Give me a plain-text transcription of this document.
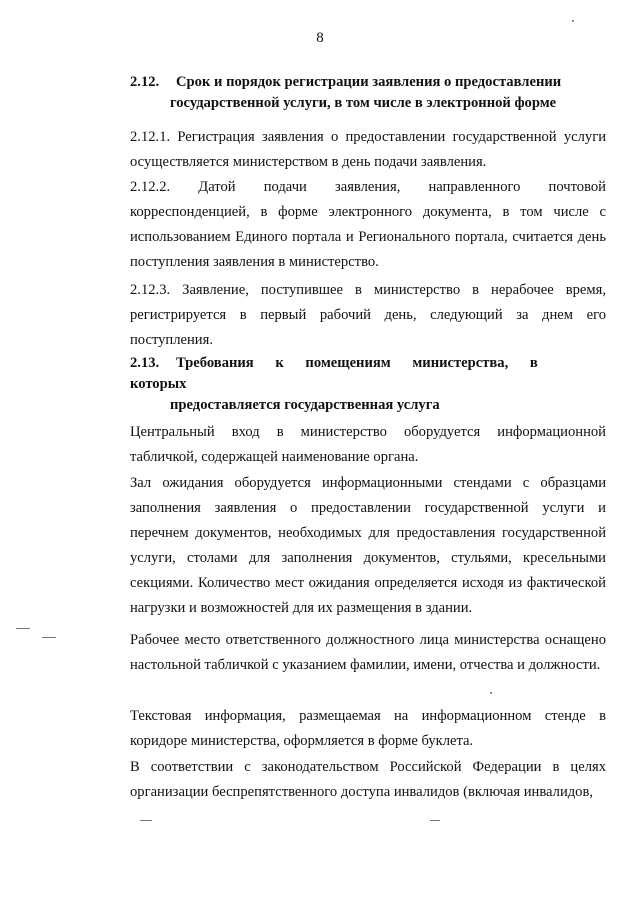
8
2.12. Срок и порядок регистрации заявления о предоставлении
государственной услуги, в том числе в электронной форме
2.12.1. Регистрация заявления о предоставлении государственной услуги осуществляется министерством в день подачи заявления.
2.12.2. Датой подачи заявления, направленного почтовой корреспонденцией, в форме электронного документа, в том числе с использованием Единого портала и Регионального портала, считается день поступления заявления в министерство.
2.12.3. Заявление, поступившее в министерство в нерабочее время, регистрируется в первый рабочий день, следующий за днем его поступления.
2.13. Требования к помещениям министерства, в которых
предоставляется государственная услуга
Центральный вход в министерство оборудуется информационной табличкой, содержащей наименование органа.
Зал ожидания оборудуется информационными стендами с образцами заполнения заявления о предоставлении государственной услуги и перечнем документов, необходимых для предоставления государственной услуги, столами для заполнения документов, стульями, кресельными секциями. Количество мест ожидания определяется исходя из фактической нагрузки и возможностей для их размещения в здании.
Рабочее место ответственного должностного лица министерства оснащено настольной табличкой с указанием фамилии, имени, отчества и должности.
Текстовая информация, размещаемая на информационном стенде в коридоре министерства, оформляется в форме буклета.
В соответствии с законодательством Российской Федерации в целях организации беспрепятственного доступа инвалидов (включая инвалидов,
